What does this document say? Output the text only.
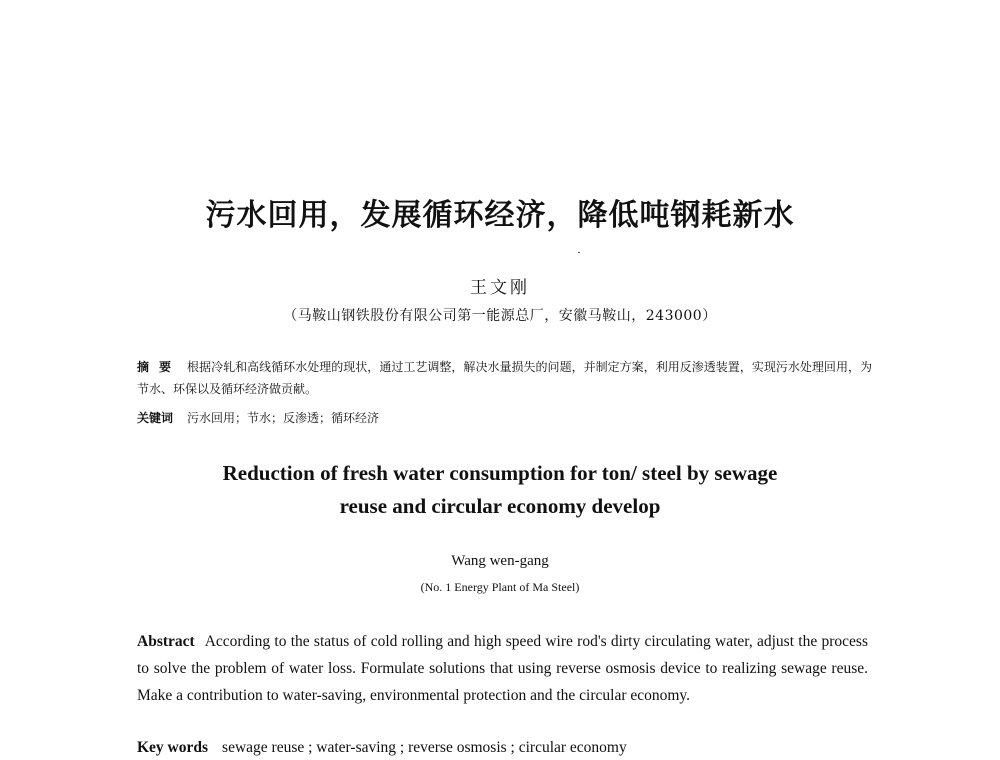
污水回用，发展循环经济，降低吨钢耗新水
王文刚
（马鞍山钢铁股份有限公司第一能源总厂，安徽马鞍山，243000）
摘要 根据冷轧和高线循环水处理的现状，通过工艺调整，解决水量损失的问题，并制定方案，利用反渗透装置，实现污水处理回用，为节水、环保以及循环经济做贡献。
关键词 污水回用；节水；反渗透；循环经济
Reduction of fresh water consumption for ton/ steel by sewage
reuse and circular economy develop
Wang wen-gang
(No. 1 Energy Plant of Ma Steel)
Abstract According to the status of cold rolling and high speed wire rod's dirty circulating water, adjust the process to solve the problem of water loss. Formulate solutions that using reverse osmosis device to realizing sewage reuse. Make a contribution to water-saving, environmental protection and the circular economy.
Key words sewage reuse ; water-saving ; reverse osmosis ; circular economy
